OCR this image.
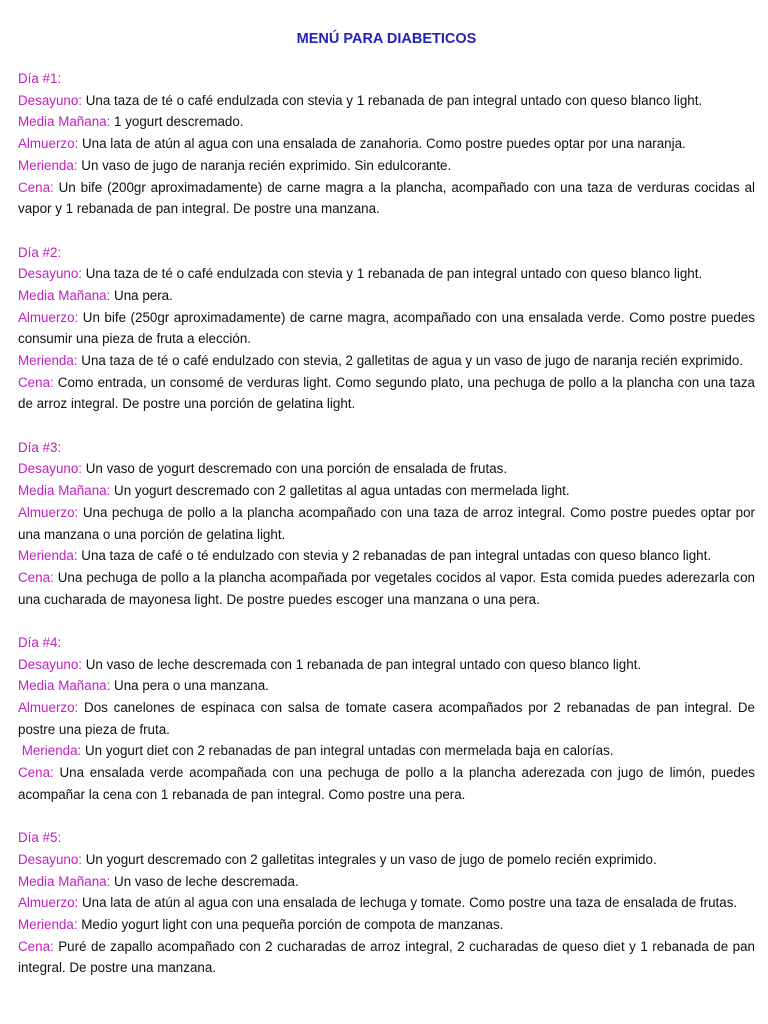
MENÚ PARA DIABETICOS
Día #1:

Desayuno: Una taza de té o café endulzada con stevia y 1 rebanada de pan integral untado con queso blanco light.

Media Mañana: 1 yogurt descremado.

Almuerzo: Una lata de atún al agua con una ensalada de zanahoria. Como postre puedes optar por una naranja.

Merienda: Un vaso de jugo de naranja recién exprimido. Sin edulcorante.

Cena: Un bife (200gr aproximadamente) de carne magra a la plancha, acompañado con una taza de verduras cocidas al vapor y 1 rebanada de pan integral. De postre una manzana.

Día #2:

Desayuno: Una taza de té o café endulzada con stevia y 1 rebanada de pan integral untado con queso blanco light.

Media Mañana: Una pera.

Almuerzo: Un bife (250gr aproximadamente) de carne magra, acompañado con una ensalada verde. Como postre puedes consumir una pieza de fruta a elección.

Merienda: Una taza de té o café endulzado con stevia, 2 galletitas de agua y un vaso de jugo de naranja recién exprimido.

Cena: Como entrada, un consomé de verduras light. Como segundo plato, una pechuga de pollo a la plancha con una taza de arroz integral. De postre una porción de gelatina light.

Día #3:

Desayuno: Un vaso de yogurt descremado con una porción de ensalada de frutas.

Media Mañana: Un yogurt descremado con 2 galletitas al agua untadas con mermelada light.

Almuerzo: Una pechuga de pollo a la plancha acompañado con una taza de arroz integral. Como postre puedes optar por una manzana o una porción de gelatina light.

Merienda: Una taza de café o té endulzado con stevia y 2 rebanadas de pan integral untadas con queso blanco light.

Cena: Una pechuga de pollo a la plancha acompañada por vegetales cocidos al vapor. Esta comida puedes aderezarla con una cucharada de mayonesa light. De postre puedes escoger una manzana o una pera.

Día #4:

Desayuno: Un vaso de leche descremada con 1 rebanada de pan integral untado con queso blanco light.

Media Mañana: Una pera o una manzana.

Almuerzo: Dos canelones de espinaca con salsa de tomate casera acompañados por 2 rebanadas de pan integral. De postre una pieza de fruta.

Merienda: Un yogurt diet con 2 rebanadas de pan integral untadas con mermelada baja en calorías.

Cena: Una ensalada verde acompañada con una pechuga de pollo a la plancha aderezada con jugo de limón, puedes acompañar la cena con 1 rebanada de pan integral. Como postre una pera.

Día #5:

Desayuno: Un yogurt descremado con 2 galletitas integrales y un vaso de jugo de pomelo recién exprimido.

Media Mañana: Un vaso de leche descremada.

Almuerzo: Una lata de atún al agua con una ensalada de lechuga y tomate. Como postre una taza de ensalada de frutas.

Merienda: Medio yogurt light con una pequeña porción de compota de manzanas.

Cena: Puré de zapallo acompañado con 2 cucharadas de arroz integral, 2 cucharadas de queso diet y 1 rebanada de pan integral. De postre una manzana.
